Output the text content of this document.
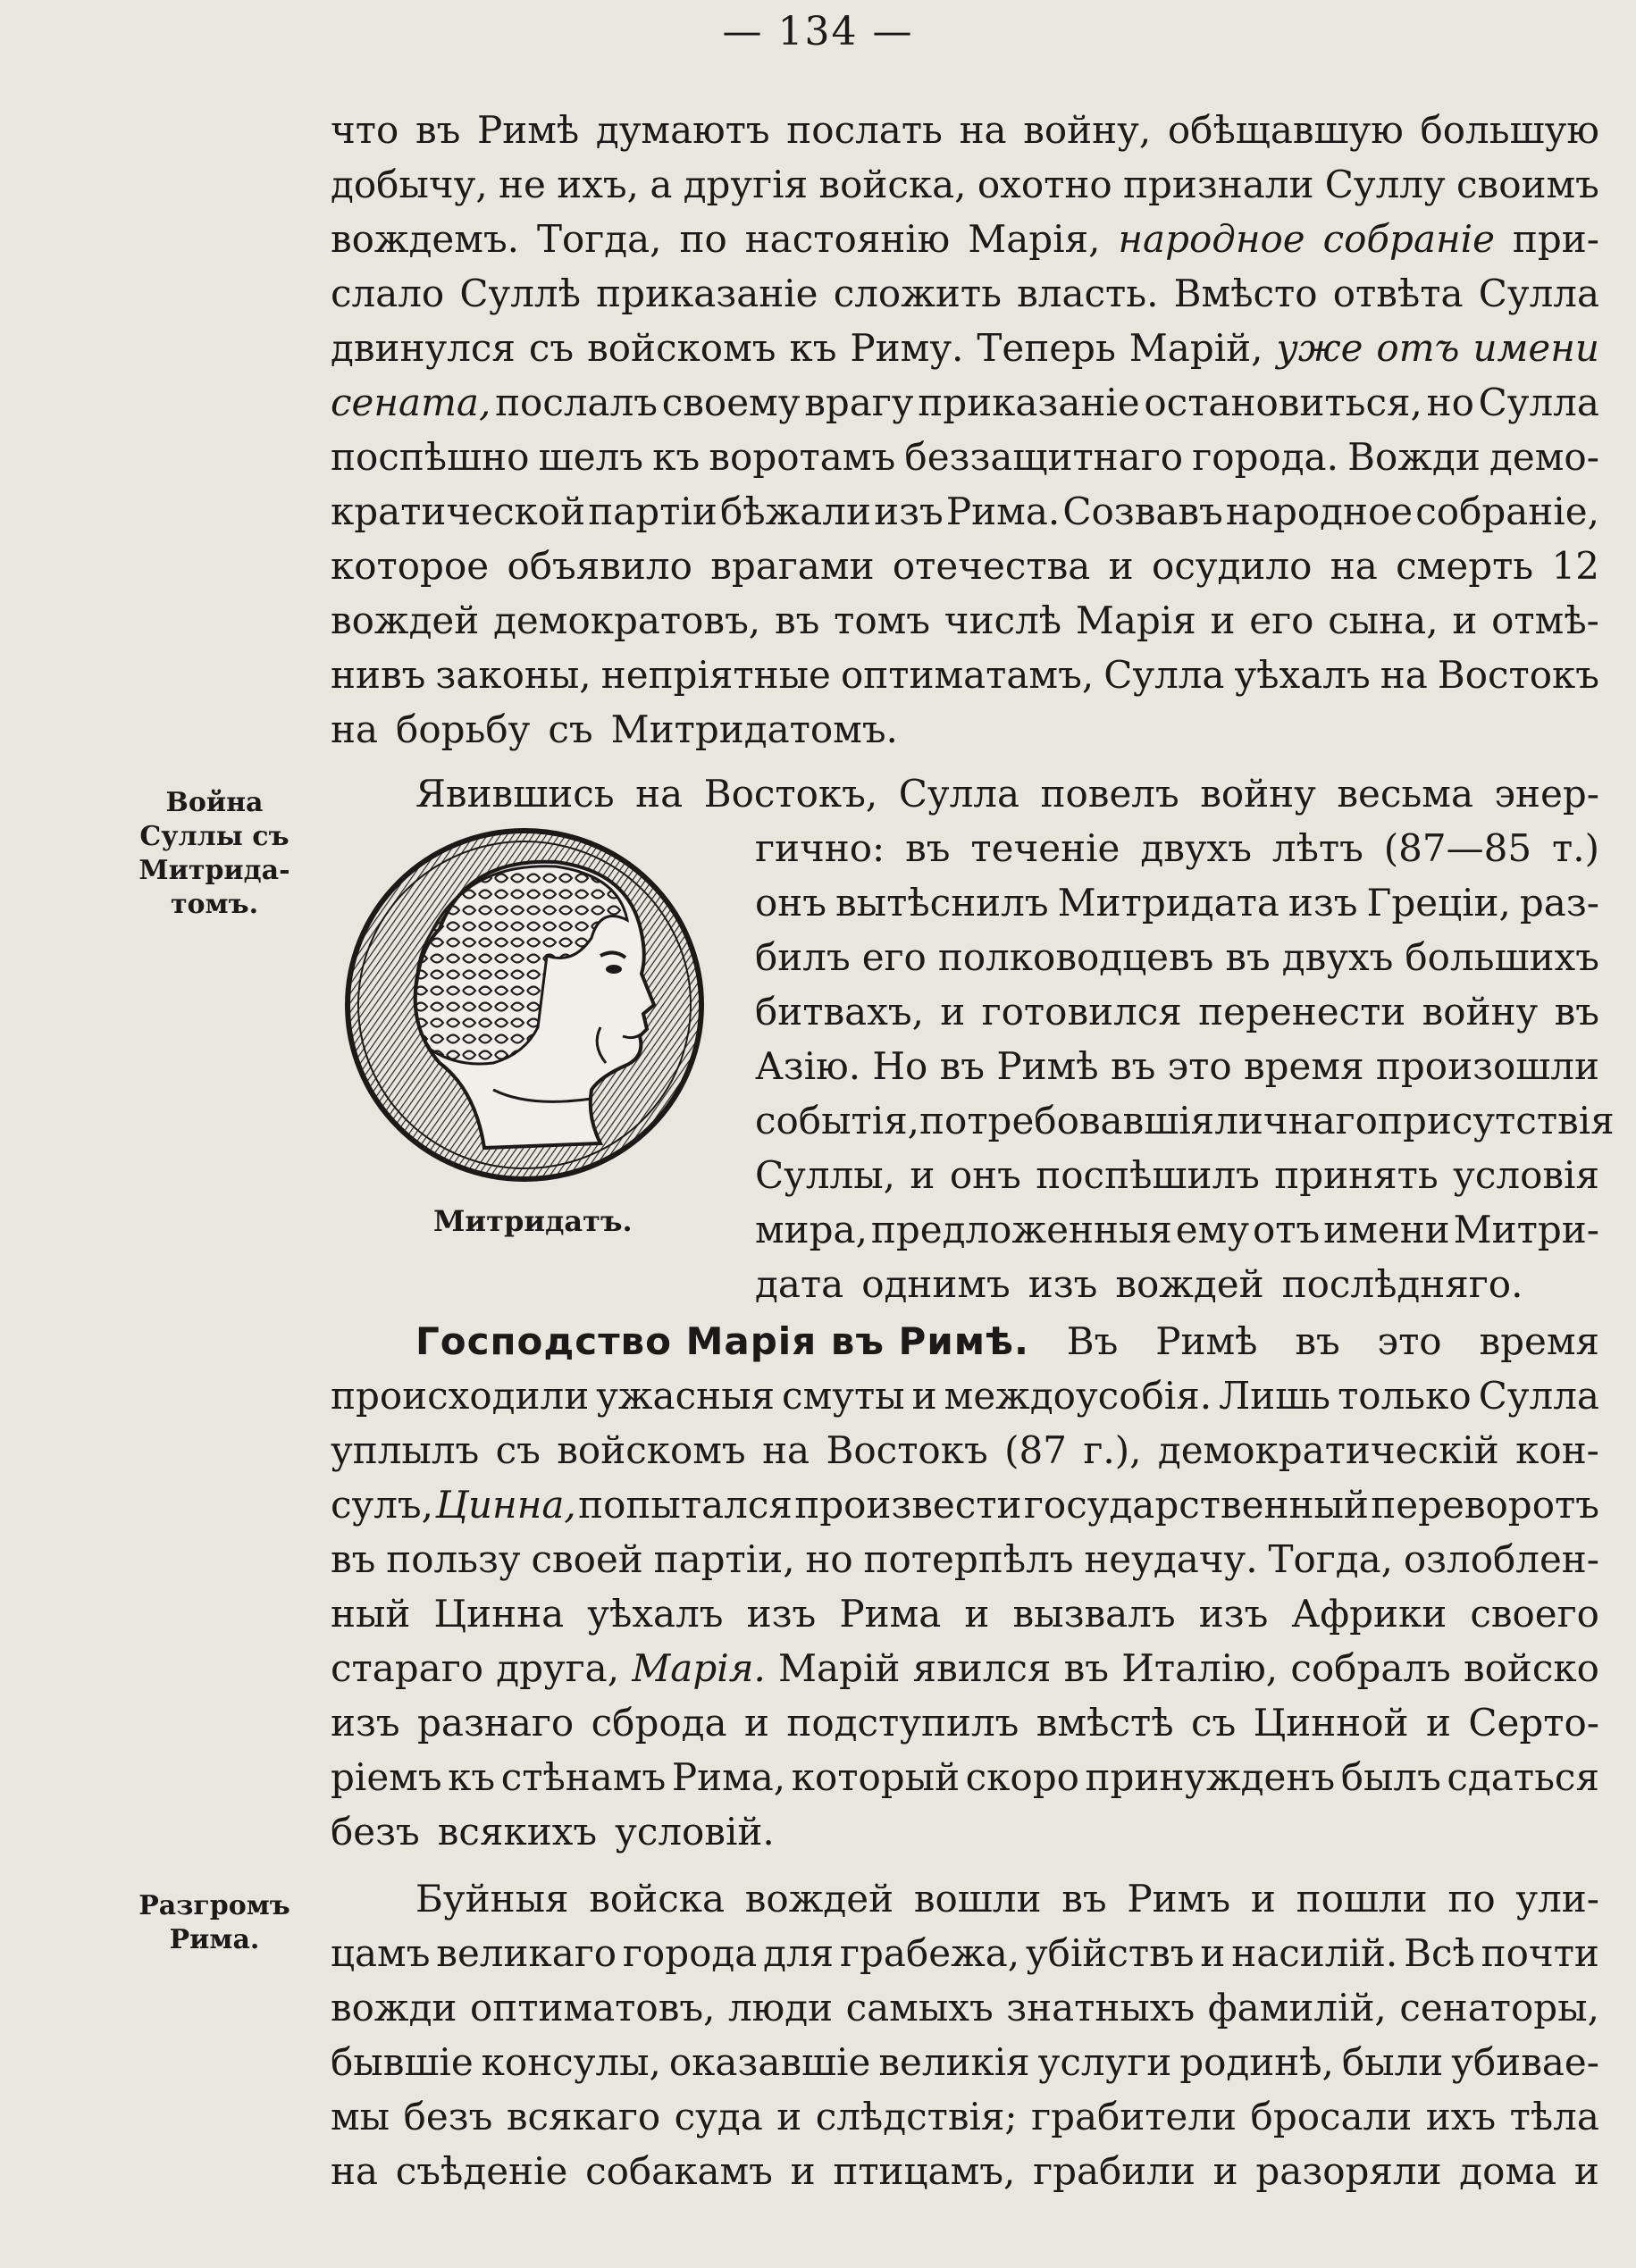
— 134 —
что въ Римѣ думаютъ послать на войну, обѣщавшую большую
добычу, не ихъ, а другія войска, охотно признали Суллу своимъ
вождемъ. Тогда, по настоянію Марія, народное собраніе при-
слало Суллѣ приказаніе сложить власть. Вмѣсто отвѣта Сулла
двинулся съ войскомъ къ Риму. Теперь Марій, уже отъ имени
сената, послалъ своему врагу приказаніе остановиться, но Сулла
поспѣшно шелъ къ воротамъ беззащитнаго города. Вожди демо-
кратической партіи бѣжали изъ Рима. Созвавъ народное собраніе,
которое объявило врагами отечества и осудило на смерть 12
вождей демократовъ, въ томъ числѣ Марія и его сына, и отмѣ-
нивъ законы, непріятные оптиматамъ, Сулла уѣхалъ на Востокъ
на борьбу съ Митридатомъ.
Война
Суллы съ
Митрида-
томъ.
Явившись на Востокъ, Сулла повелъ войну весьма энер-
Митридатъ.
гично: въ теченіе двухъ лѣтъ (87—85 т.)
онъ вытѣснилъ Митридата изъ Греціи, раз-
билъ его полководцевъ въ двухъ большихъ
битвахъ, и готовился перенести войну въ
Азію. Но въ Римѣ въ это время произошли
событія, потребовавшія личнаго присутствія
Суллы, и онъ поспѣшилъ принять условія
мира, предложенныя ему отъ имени Митри-
дата однимъ изъ вождей послѣдняго.
Господство Марія въ Римѣ. Въ Римѣ въ это время
происходили ужасныя смуты и междоусобія. Лишь только Сулла
уплылъ съ войскомъ на Востокъ (87 г.), демократическій кон-
сулъ, Цинна, попытался произвести государственный переворотъ
въ пользу своей партіи, но потерпѣлъ неудачу. Тогда, озлоблен-
ный Цинна уѣхалъ изъ Рима и вызвалъ изъ Африки своего
стараго друга, Марія. Марій явился въ Италію, собралъ войско
изъ разнаго сброда и подступилъ вмѣстѣ съ Цинной и Серто-
ріемъ къ стѣнамъ Рима, который скоро принужденъ былъ сдаться
безъ всякихъ условій.
Разгромъ
Рима.
Буйныя войска вождей вошли въ Римъ и пошли по ули-
цамъ великаго города для грабежа, убійствъ и насилій. Всѣ почти
вожди оптиматовъ, люди самыхъ знатныхъ фамилій, сенаторы,
бывшіе консулы, оказавшіе великія услуги родинѣ, были убивае-
мы безъ всякаго суда и слѣдствія; грабители бросали ихъ тѣла
на съѣденіе собакамъ и птицамъ, грабили и разоряли дома и
